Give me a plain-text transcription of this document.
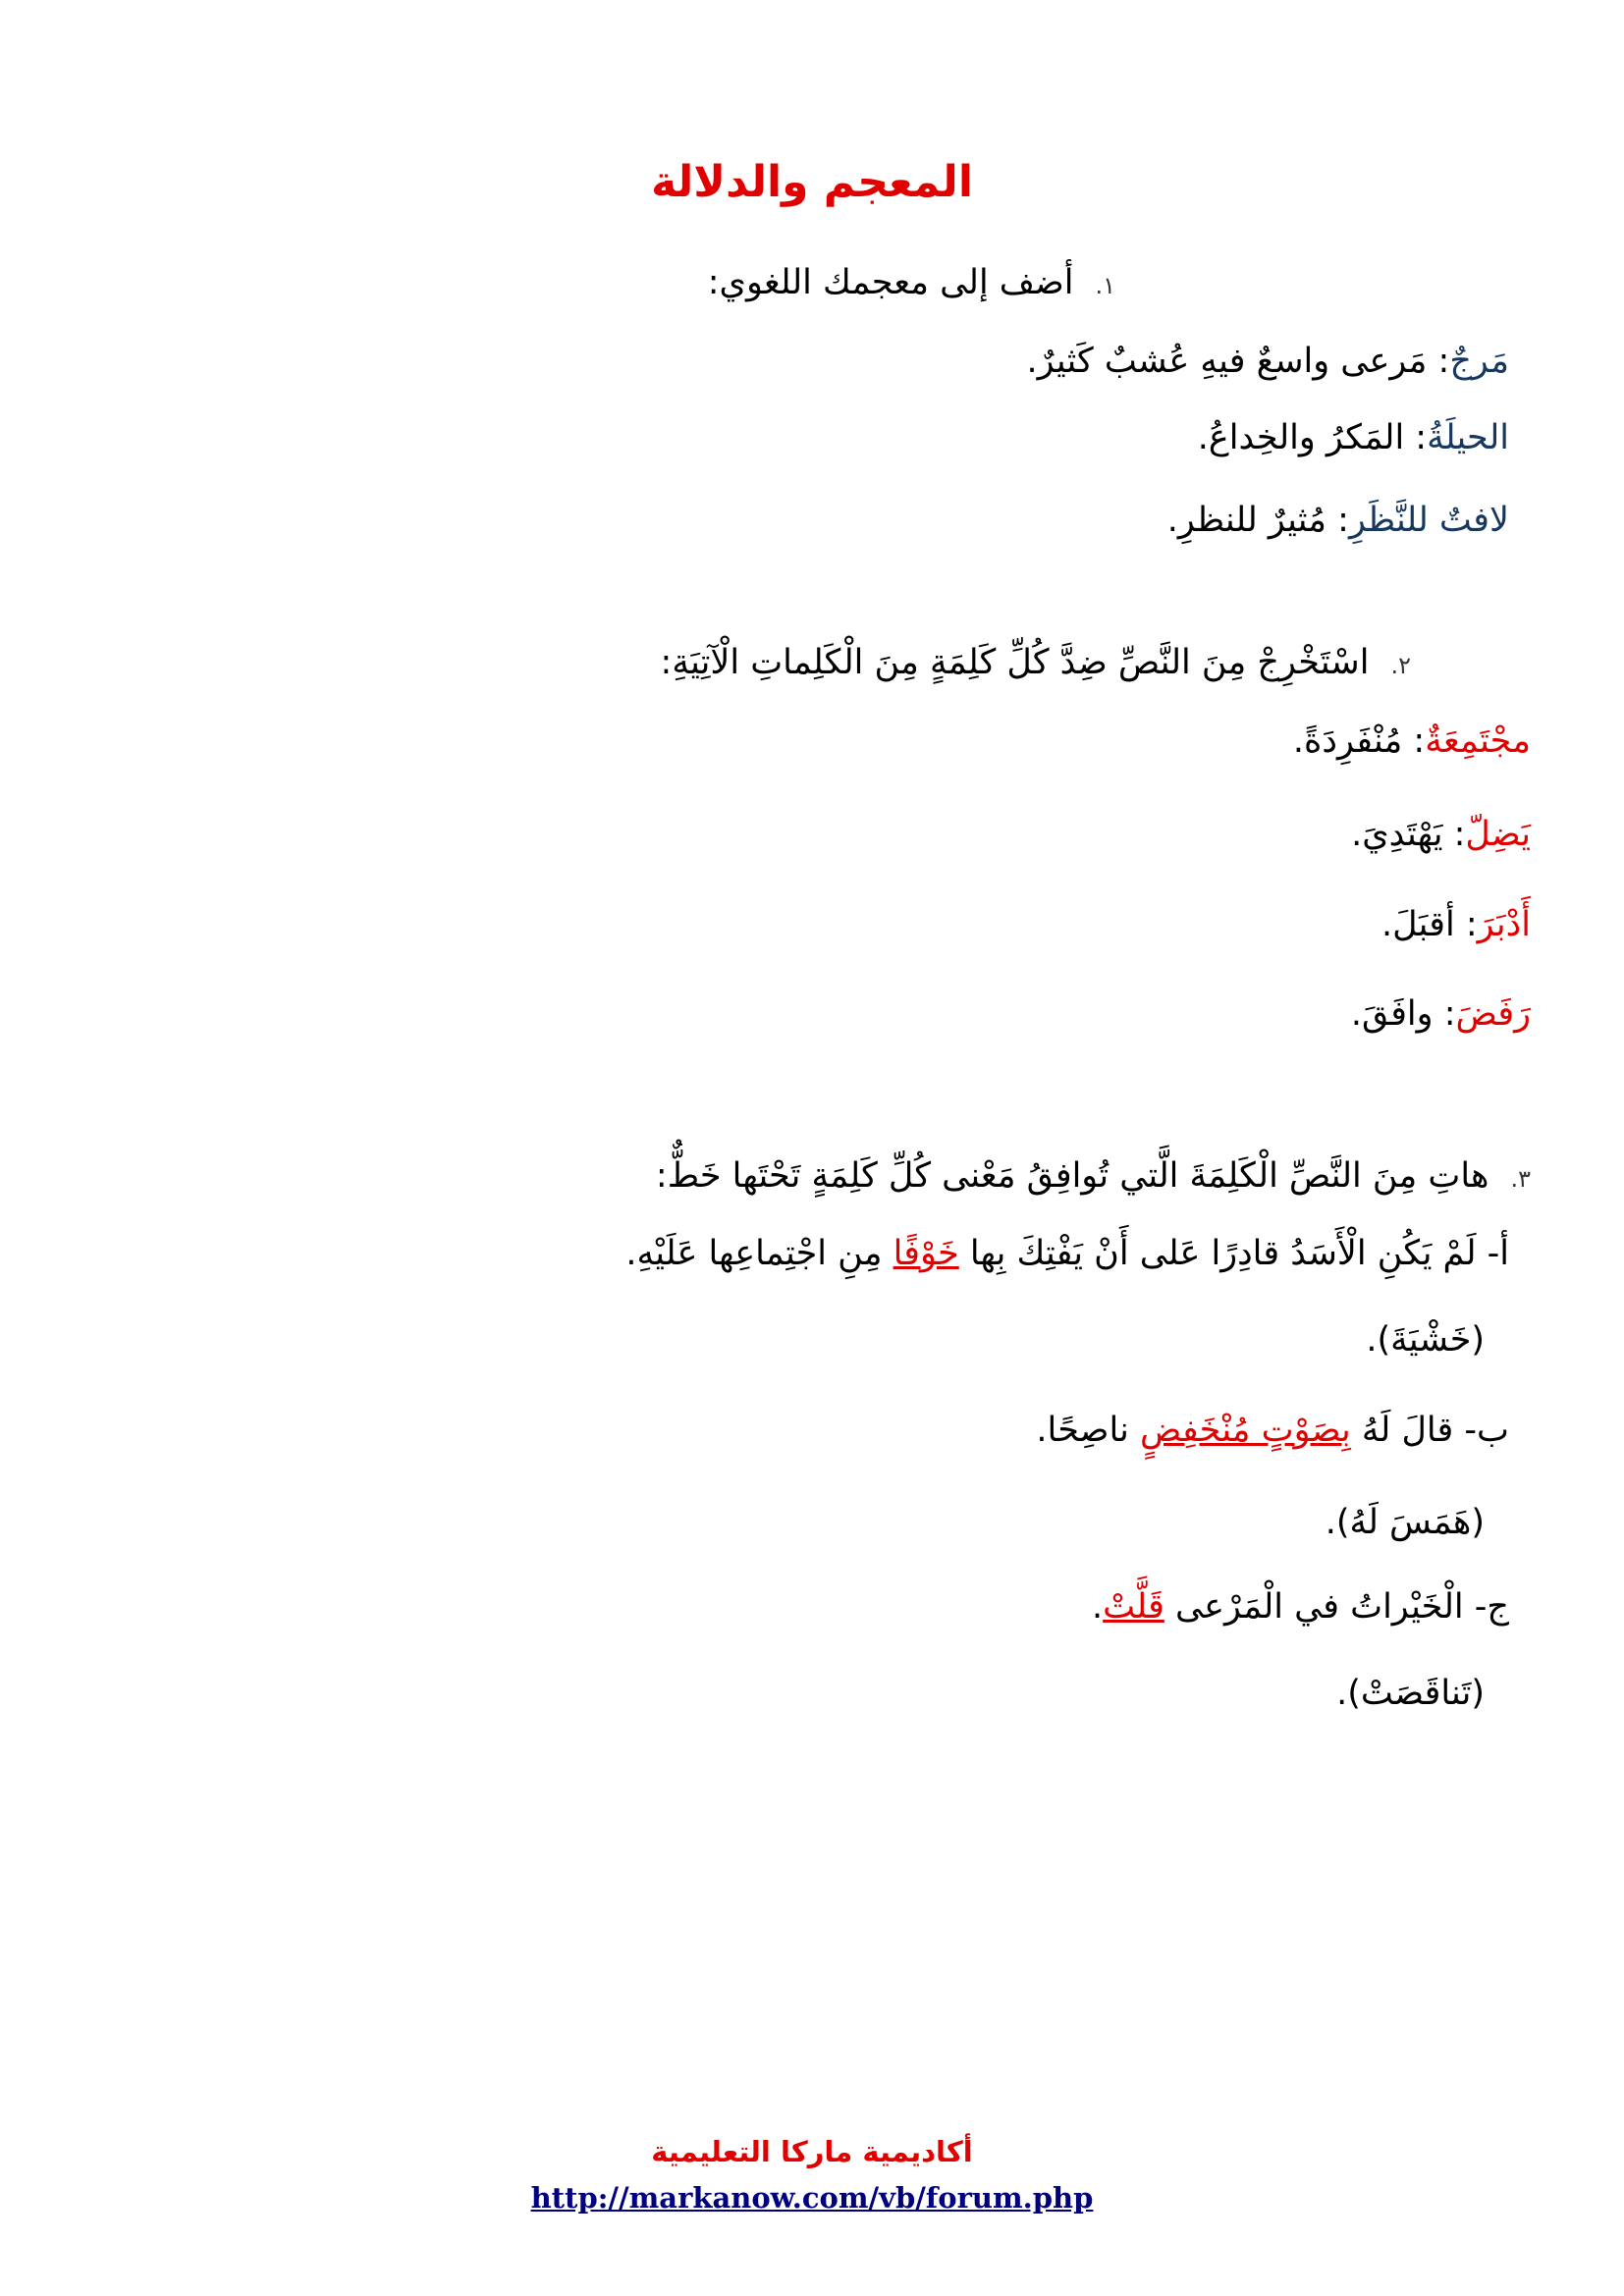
المعجم والدلالة
١.أضف إلى معجمك اللغوي:
مَرجٌ: مَرعى واسعٌ فيهِ عُشبٌ كَثيرٌ.
الحيلَةُ: المَكرُ والخِداعُ.
لافتٌ للنَّظَرِ: مُثيرٌ للنظرِ.
٢.اسْتَخْرِجْ مِنَ النَّصِّ ضِدَّ كُلِّ كَلِمَةٍ مِنَ الْكَلِماتِ الْآتِيَةِ:
مجْتَمِعَةٌ: مُنْفَرِدَةً.
يَضِلّ: يَهْتَدِيَ.
أَدْبَرَ: أقبَلَ.
رَفَضَ: وافَقَ.
٣.هاتِ مِنَ النَّصِّ الْكَلِمَةَ الَّتي تُوافِقُ مَعْنى كُلِّ كَلِمَةٍ تَحْتَها خَطٌّ:
أ- لَمْ يَكُنِ الْأَسَدُ قادِرًا عَلى أَنْ يَفْتِكَ بِها خَوْفًا مِنِ اجْتِماعِها عَلَيْهِ.
(خَشْيَةَ).
ب- قالَ لَهُ بِصَوْتٍ مُنْخَفِضٍ ناصِحًا.
(هَمَسَ لَهُ).
ج- الْخَيْراتُ في الْمَرْعى قَلَّتْ.
(تَناقَصَتْ).
أكاديمية ماركا التعليمية
http://markanow.com/vb/forum.php
